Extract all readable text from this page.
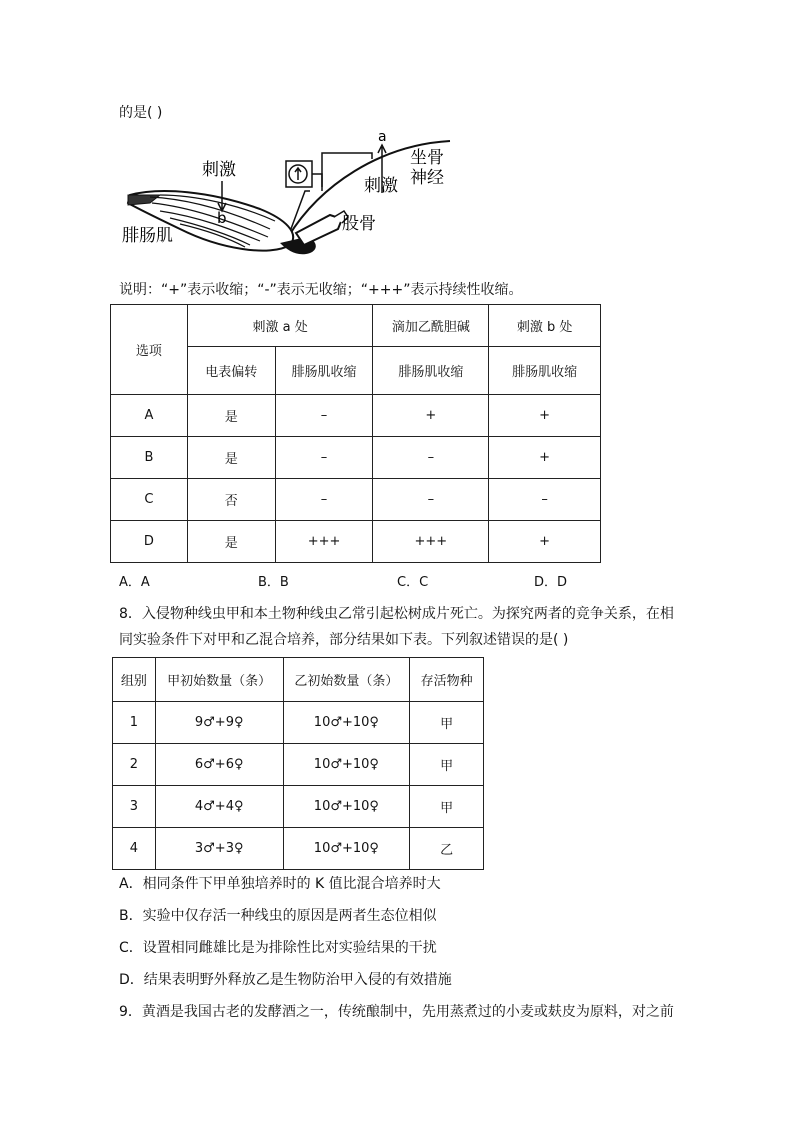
的是( )
a
b
刺激
刺激
坐骨
神经
股骨
腓肠肌
说明：“+”表示收缩；“-”表示无收缩；“+++”表示持续性收缩。
选项	刺激 a 处		滴加乙酰胆碱	刺激 b 处
	电表偏转	腓肠肌收缩	腓肠肌收缩	腓肠肌收缩
A	是	–	+	+
B	是	–	–	+
C	否	–	–	–
D	是	+++	+++	+
A．A	B．B	C．C	D．D
8．入侵物种线虫甲和本土物种线虫乙常引起松树成片死亡。为探究两者的竞争关系，在相
同实验条件下对甲和乙混合培养，部分结果如下表。下列叙述错误的是( )
组别	甲初始数量（条）	乙初始数量（条）	存活物种
1	9♂+9♀	10♂+10♀	甲
2	6♂+6♀	10♂+10♀	甲
3	4♂+4♀	10♂+10♀	甲
4	3♂+3♀	10♂+10♀	乙
A．相同条件下甲单独培养时的 K 值比混合培养时大
B．实验中仅存活一种线虫的原因是两者生态位相似
C．设置相同雌雄比是为排除性比对实验结果的干扰
D．结果表明野外释放乙是生物防治甲入侵的有效措施
9．黄酒是我国古老的发酵酒之一，传统酿制中，先用蒸煮过的小麦或麸皮为原料，对之前
